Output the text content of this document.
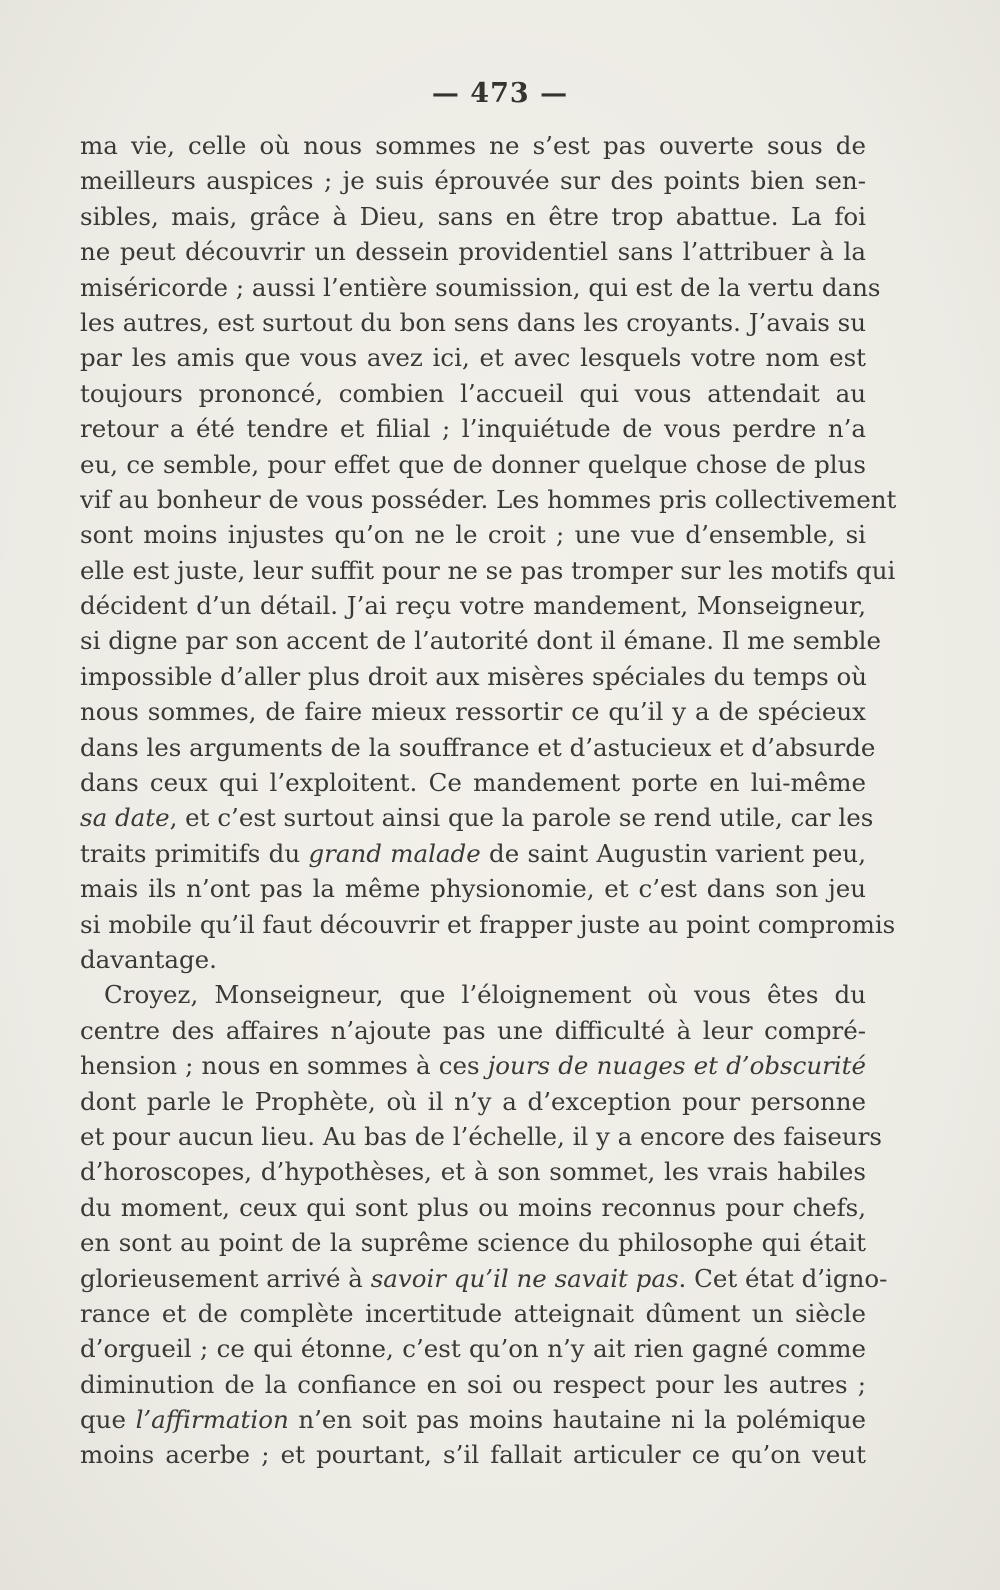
— 473 —
ma vie, celle où nous sommes ne s’est pas ouverte sous de
meilleurs auspices ; je suis éprouvée sur des points bien sen-
sibles, mais, grâce à Dieu, sans en être trop abattue. La foi
ne peut découvrir un dessein providentiel sans l’attribuer à la
miséricorde ; aussi l’entière soumission, qui est de la vertu dans
les autres, est surtout du bon sens dans les croyants. J’avais su
par les amis que vous avez ici, et avec lesquels votre nom est
toujours prononcé, combien l’accueil qui vous attendait au
retour a été tendre et filial ; l’inquiétude de vous perdre n’a
eu, ce semble, pour effet que de donner quelque chose de plus
vif au bonheur de vous posséder. Les hommes pris collectivement
sont moins injustes qu’on ne le croit ; une vue d’ensemble, si
elle est juste, leur suffit pour ne se pas tromper sur les motifs qui
décident d’un détail. J’ai reçu votre mandement, Monseigneur,
si digne par son accent de l’autorité dont il émane. Il me semble
impossible d’aller plus droit aux misères spéciales du temps où
nous sommes, de faire mieux ressortir ce qu’il y a de spécieux
dans les arguments de la souffrance et d’astucieux et d’absurde
dans ceux qui l’exploitent. Ce mandement porte en lui-même
sa date, et c’est surtout ainsi que la parole se rend utile, car les
traits primitifs du grand malade de saint Augustin varient peu,
mais ils n’ont pas la même physionomie, et c’est dans son jeu
si mobile qu’il faut découvrir et frapper juste au point compromis
davantage.
Croyez, Monseigneur, que l’éloignement où vous êtes du
centre des affaires n’ajoute pas une difficulté à leur compré-
hension ; nous en sommes à ces jours de nuages et d’obscurité
dont parle le Prophète, où il n’y a d’exception pour personne
et pour aucun lieu. Au bas de l’échelle, il y a encore des faiseurs
d’horoscopes, d’hypothèses, et à son sommet, les vrais habiles
du moment, ceux qui sont plus ou moins reconnus pour chefs,
en sont au point de la suprême science du philosophe qui était
glorieusement arrivé à savoir qu’il ne savait pas. Cet état d’igno-
rance et de complète incertitude atteignait dûment un siècle
d’orgueil ; ce qui étonne, c’est qu’on n’y ait rien gagné comme
diminution de la confiance en soi ou respect pour les autres ;
que l’affirmation n’en soit pas moins hautaine ni la polémique
moins acerbe ; et pourtant, s’il fallait articuler ce qu’on veut
